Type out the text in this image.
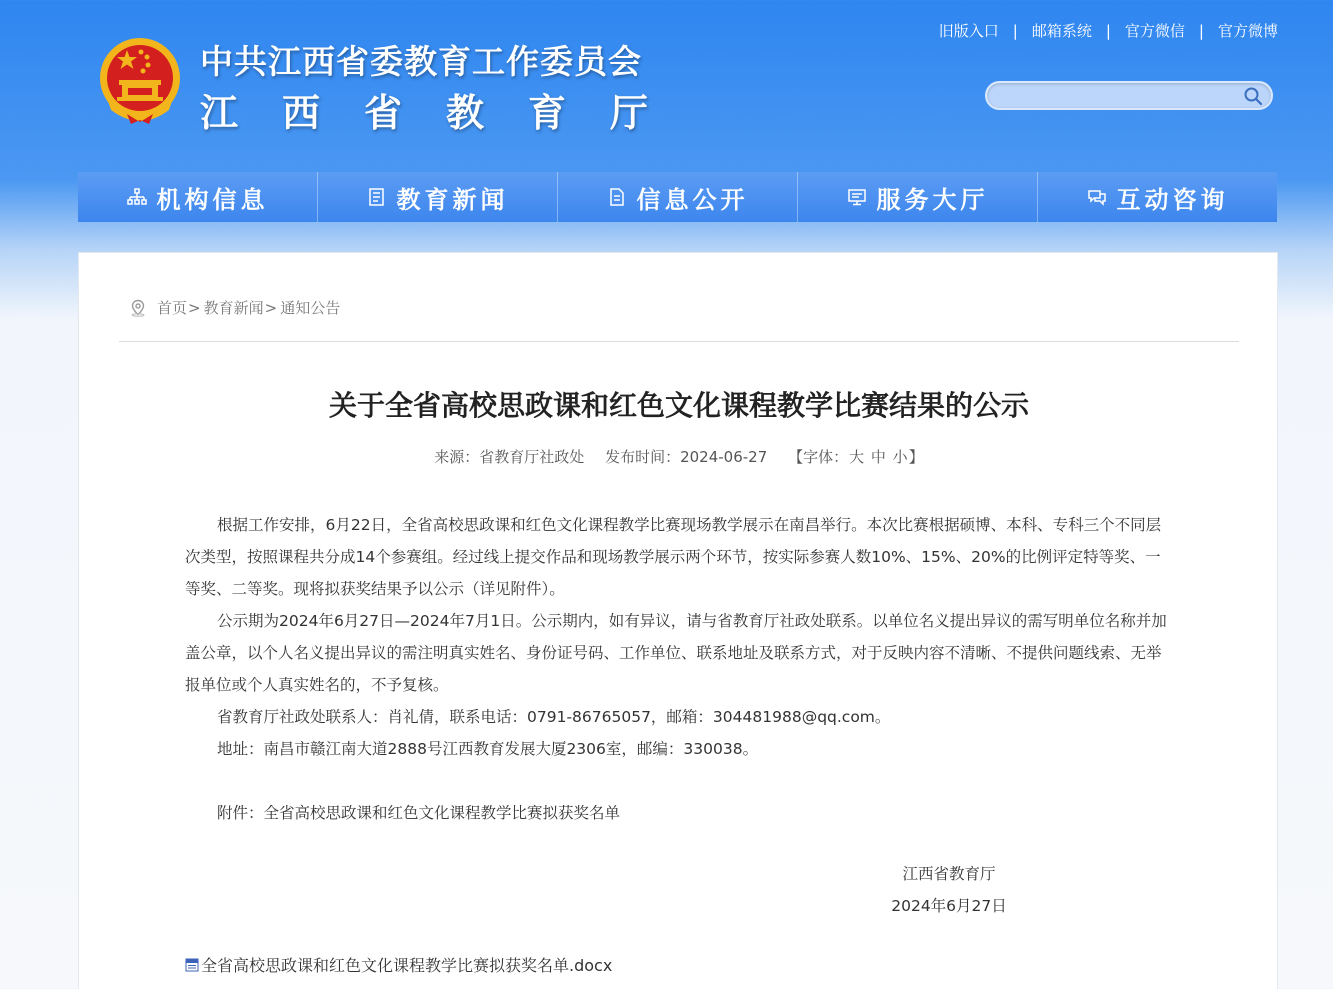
中共江西省委教育工作委员会
江西省教育厅
旧版入口 | 邮箱系统 | 官方微信 | 官方微博
机构信息	教育新闻	信息公开	服务大厅	互动咨询
首页 > 教育新闻 > 通知公告
关于全省高校思政课和红色文化课程教学比赛结果的公示
来源：省教育厅社政处 发布时间：2024-06-27 【字体：大 中 小】

根据工作安排，6月22日，全省高校思政课和红色文化课程教学比赛现场教学展示在南昌举行。本次比赛根据硕博、本科、专科三个不同层次类型，按照课程共分成14个参赛组。经过线上提交作品和现场教学展示两个环节，按实际参赛人数10%、15%、20%的比例评定特等奖、一等奖、二等奖。现将拟获奖结果予以公示（详见附件）。

公示期为2024年6月27日—2024年7月1日。公示期内，如有异议，请与省教育厅社政处联系。以单位名义提出异议的需写明单位名称并加盖公章，以个人名义提出异议的需注明真实姓名、身份证号码、工作单位、联系地址及联系方式，对于反映内容不清晰、不提供问题线索、无举报单位或个人真实姓名的，不予复核。

省教育厅社政处联系人：肖礼倩，联系电话：0791-86765057，邮箱：304481988@qq.com。

地址：南昌市赣江南大道2888号江西教育发展大厦2306室，邮编：330038。

附件：全省高校思政课和红色文化课程教学比赛拟获奖名单

江西省教育厅
2024年6月27日
全省高校思政课和红色文化课程教学比赛拟获奖名单.docx
